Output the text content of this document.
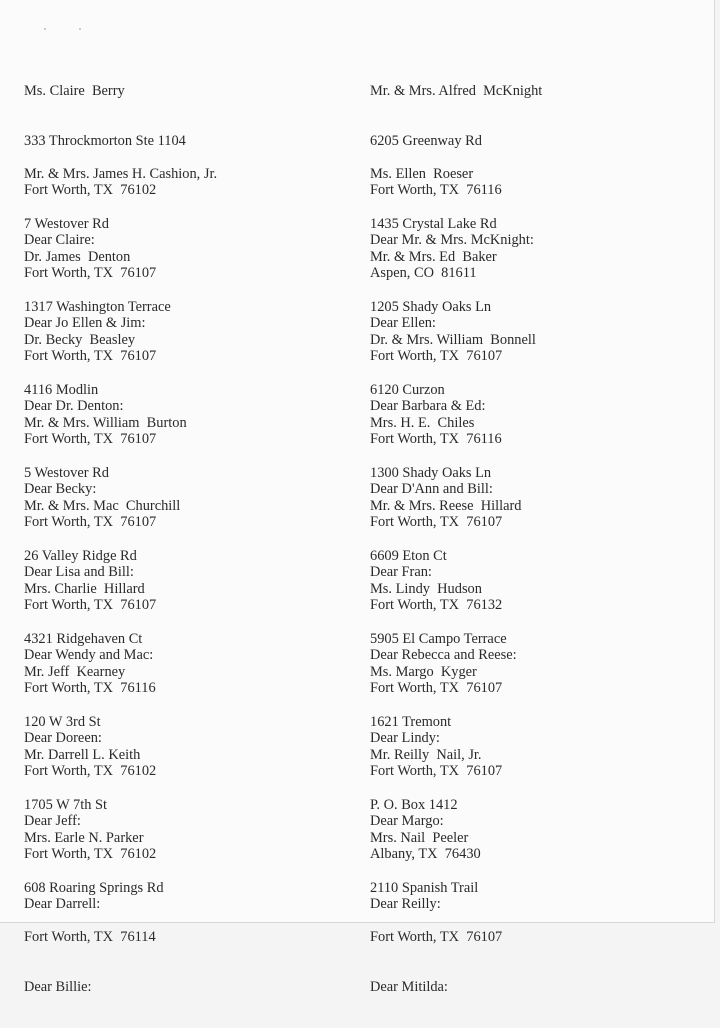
Ms. Claire  Berry

333 Throckmorton Ste 1104

Fort Worth, TX  76102

Dear Claire:

Mr. & Mrs. James H. Cashion, Jr.

7 Westover Rd

Fort Worth, TX  76107

Dear Jo Ellen & Jim:

Dr. James  Denton

1317 Washington Terrace

Fort Worth, TX  76107

Dear Dr. Denton:

Dr. Becky  Beasley

4116 Modlin

Fort Worth, TX  76107

Dear Becky:

Mr. & Mrs. William  Burton

5 Westover Rd

Fort Worth, TX  76107

Dear Lisa and Bill:

Mr. & Mrs. Mac  Churchill

26 Valley Ridge Rd

Fort Worth, TX  76107

Dear Wendy and Mac:

Mrs. Charlie  Hillard

4321 Ridgehaven Ct

Fort Worth, TX  76116

Dear Doreen:

Mr. Jeff  Kearney

120 W 3rd St

Fort Worth, TX  76102

Dear Jeff:

Mr. Darrell L. Keith

1705 W 7th St

Fort Worth, TX  76102

Dear Darrell:

Mrs. Earle N. Parker

608 Roaring Springs Rd

Fort Worth, TX  76114

Dear Billie:

Mr. & Mrs. Alfred  McKnight

6205 Greenway Rd

Fort Worth, TX  76116

Dear Mr. & Mrs. McKnight:

Ms. Ellen  Roeser

1435 Crystal Lake Rd

Aspen, CO  81611

Dear Ellen:

Mr. & Mrs. Ed  Baker

1205 Shady Oaks Ln

Fort Worth, TX  76107

Dear Barbara & Ed:

Dr. & Mrs. William  Bonnell

6120 Curzon

Fort Worth, TX  76116

Dear D'Ann and Bill:

Mrs. H. E.  Chiles

1300 Shady Oaks Ln

Fort Worth, TX  76107

Dear Fran:

Mr. & Mrs. Reese  Hillard

6609 Eton Ct

Fort Worth, TX  76132

Dear Rebecca and Reese:

Ms. Lindy  Hudson

5905 El Campo Terrace

Fort Worth, TX  76107

Dear Lindy:

Ms. Margo  Kyger

1621 Tremont

Fort Worth, TX  76107

Dear Margo:

Mr. Reilly  Nail, Jr.

P. O. Box 1412

Albany, TX  76430

Dear Reilly:

Mrs. Nail  Peeler

2110 Spanish Trail

Fort Worth, TX  76107

Dear Mitilda:
